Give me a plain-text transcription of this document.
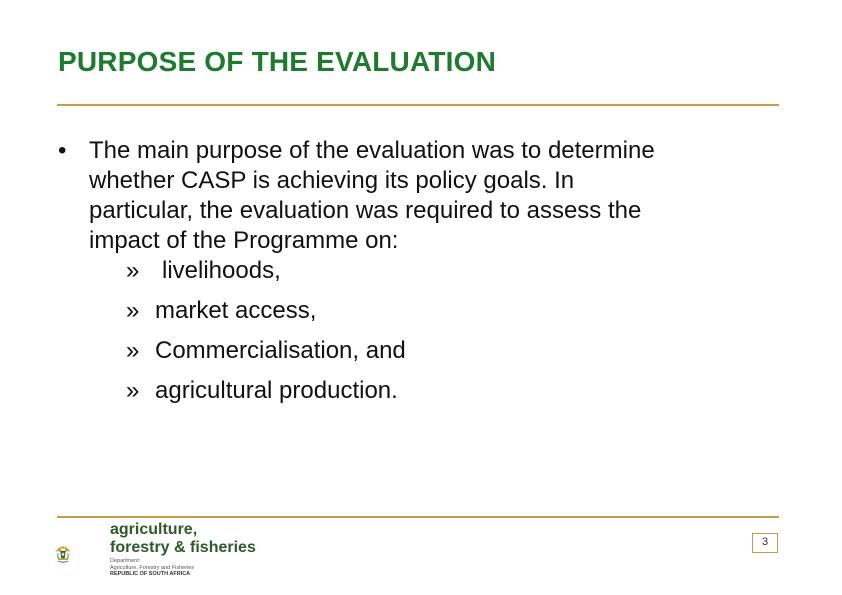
PURPOSE OF THE EVALUATION
• The main purpose of the evaluation was to determine
whether CASP is achieving its policy goals. In
particular, the evaluation was required to assess the
impact of the Programme on:
» livelihoods,
» market access,
» Commercialisation, and
» agricultural production.
agriculture,
forestry & fisheries
Department:
Agriculture, Forestry and Fisheries
REPUBLIC OF SOUTH AFRICA
3
